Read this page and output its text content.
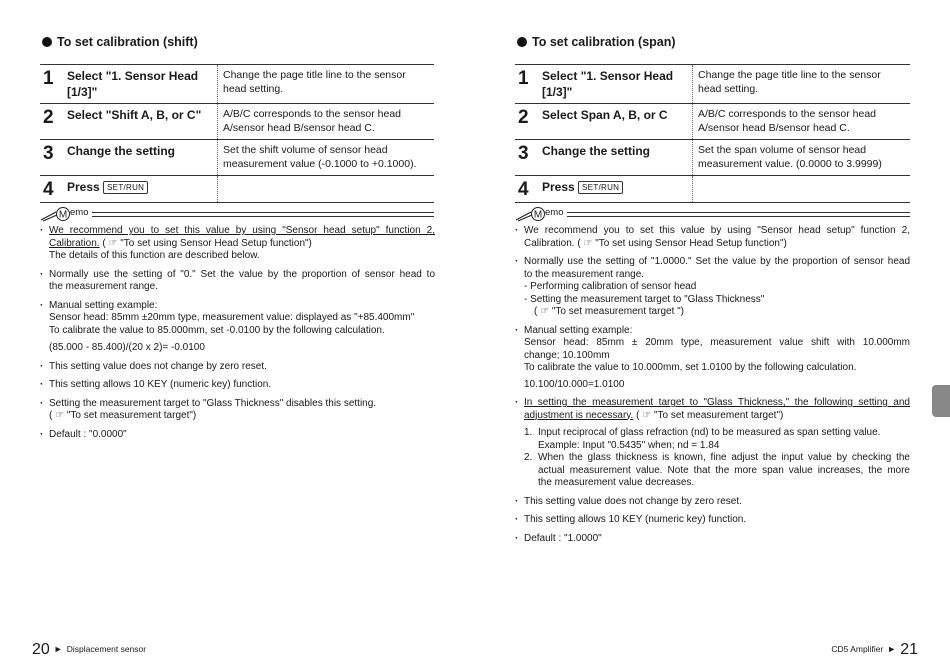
To set calibration (shift)
1	Select "1. Sensor Head
[1/3]"	Change the page title line to the sensor
head setting.

2	Select "Shift A, B, or C"	A/B/C corresponds to the sensor head
A/sensor head B/sensor head C.

3	Change the setting	Set the shift volume of sensor head
measurement value (-0.1000 to +0.1000).

4	Press SET/RUN	
M emo
· We recommend you to set this value by using "Sensor head setup" function 2,
Calibration. ( ☞ "To set using Sensor Head Setup function")
The details of this function are described below.
· Normally use the setting of "0." Set the value by the proportion of sensor head to
the measurement range.
· Manual setting example:
Sensor head: 85mm ±20mm type, measurement value: displayed as "+85.400mm"
To calibrate the value to 85.000mm, set -0.0100 by the following calculation.
(85.000 - 85.400)/(20 x 2)= -0.0100
· This setting value does not change by zero reset.
· This setting allows 10 KEY (numeric key) function.
· Setting the measurement target to "Glass Thickness" disables this setting.
( ☞ "To set measurement target")
· Default : "0.0000"
20 ► Displacement sensor
To set calibration (span)
1	Select "1. Sensor Head
[1/3]"	Change the page title line to the sensor
head setting.

2	Select Span A, B, or C	A/B/C corresponds to the sensor head
A/sensor head B/sensor head C.

3	Change the setting	Set the span volume of sensor head
measurement value. (0.0000 to 3.9999)

4	Press SET/RUN	
M emo
· We recommend you to set this value by using "Sensor head setup" function 2,
Calibration. ( ☞ "To set using Sensor Head Setup function")
· Normally use the setting of "1.0000." Set the value by the proportion of sensor head
to the measurement range.
- Performing calibration of sensor head
- Setting the measurement target to "Glass Thickness"
( ☞ "To set measurement target ")
· Manual setting example:
Sensor head: 85mm ± 20mm type, measurement value shift with 10.000mm
change; 10.100mm
To calibrate the value to 10.000mm, set 1.0100 by the following calculation.
10.100/10.000=1.0100
· In setting the measurement target to "Glass Thickness," the following setting and
adjustment is necessary. ( ☞ "To set measurement target")
1. Input reciprocal of glass refraction (nd) to be measured as span setting value.
Example: Input "0.5435" when; nd = 1.84
2. When the glass thickness is known, fine adjust the input value by checking the
actual measurement value. Note that the more span value increases, the more
the measurement value decreases.
· This setting value does not change by zero reset.
· This setting allows 10 KEY (numeric key) function.
· Default : "1.0000"
CD5 Amplifier ► 21
